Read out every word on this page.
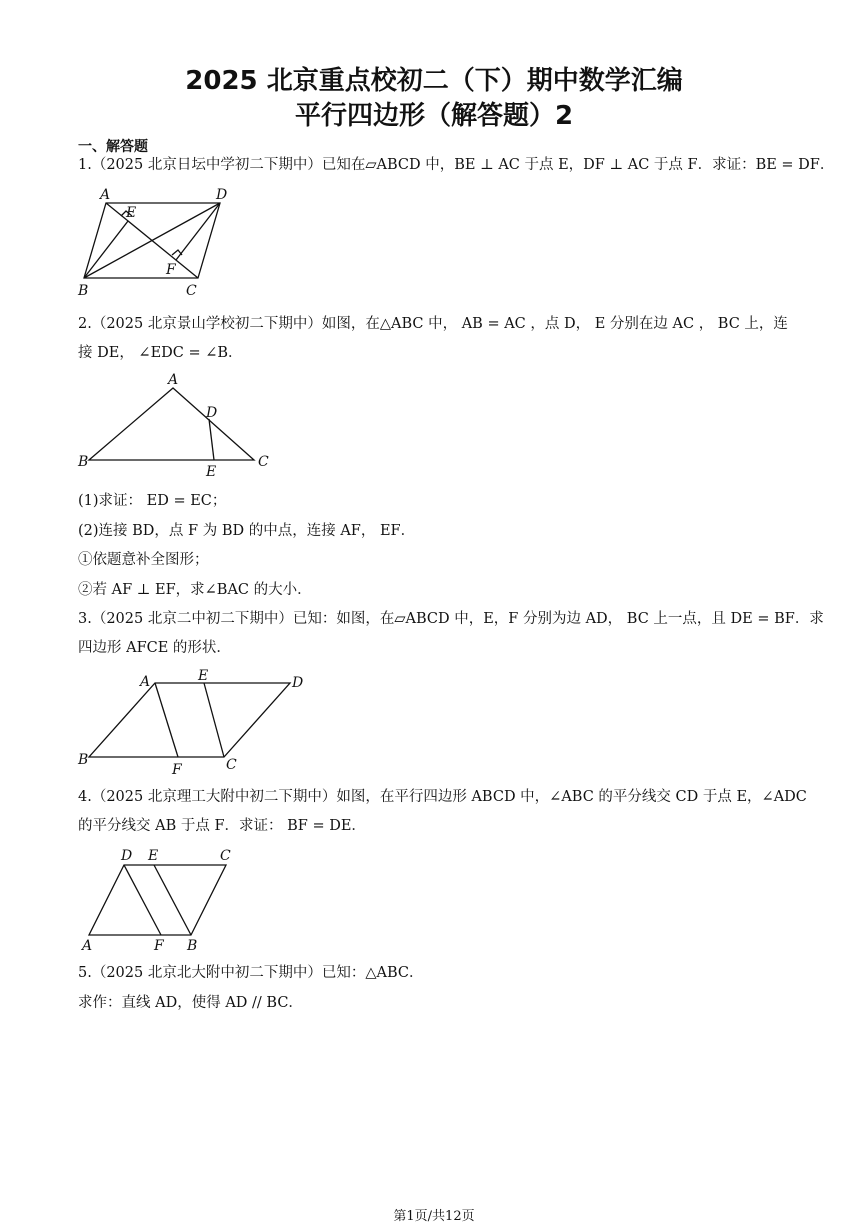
2025 北京重点校初二（下）期中数学汇编
平行四边形（解答题）2
一、解答题
1.（2025 北京日坛中学初二下期中）已知在▱ABCD 中，BE ⊥ AC 于点 E，DF ⊥ AC 于点 F．求证：BE = DF．
A	D
B	C
E
F
2.（2025 北京景山学校初二下期中）如图，在△ABC 中， AB = AC ，点 D， E 分别在边 AC ， BC 上，连
接 DE， ∠EDC = ∠B．
A
B	C
D
E
(1)求证： ED = EC；
(2)连接 BD，点 F 为 BD 的中点，连接 AF， EF．
①依题意补全图形；
②若 AF ⊥ EF，求∠BAC 的大小．
3.（2025 北京二中初二下期中）已知：如图，在▱ABCD 中，E，F 分别为边 AD， BC 上一点，且 DE = BF．求
四边形 AFCE 的形状．
A	E	D
B
F	C
4.（2025 北京理工大附中初二下期中）如图，在平行四边形 ABCD 中，∠ABC 的平分线交 CD 于点 E，∠ADC
的平分线交 AB 于点 F．求证： BF = DE．
D E	C
A	F B
5.（2025 北京北大附中初二下期中）已知：△ABC．
求作：直线 AD，使得 AD // BC．
第1页/共12页
